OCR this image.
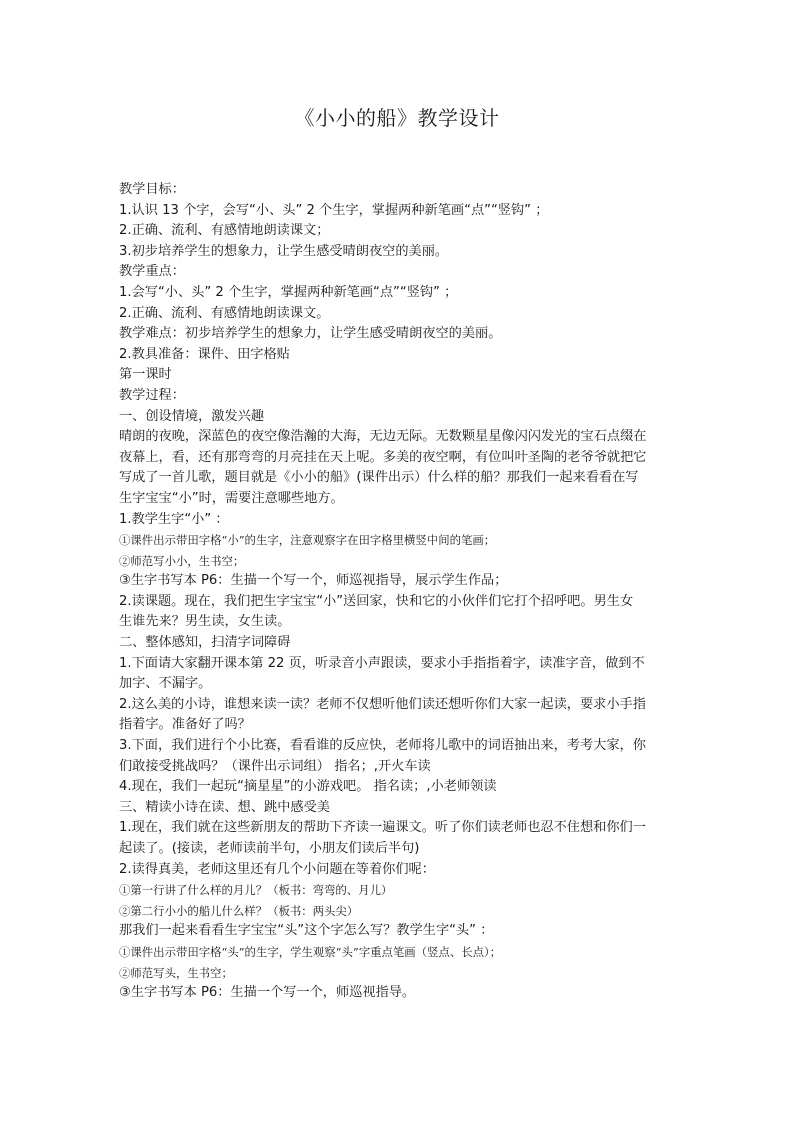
《小小的船》教学设计
教学目标：
1.认识 13 个字，会写“小、头” 2 个生字，掌握两种新笔画“点”“竖钩” ；
2.正确、流利、有感情地朗读课文；
3.初步培养学生的想象力，让学生感受晴朗夜空的美丽。
教学重点：
1.会写“小、头” 2 个生字，掌握两种新笔画“点”“竖钩” ；
2.正确、流利、有感情地朗读课文。
教学难点：初步培养学生的想象力，让学生感受晴朗夜空的美丽。
2.教具准备：课件、田字格贴
第一课时
教学过程：
一、创设情境，激发兴趣
晴朗的夜晚，深蓝色的夜空像浩瀚的大海，无边无际。无数颗星星像闪闪发光的宝石点缀在
夜幕上，看，还有那弯弯的月亮挂在天上呢。多美的夜空啊，有位叫叶圣陶的老爷爷就把它
写成了一首儿歌，题目就是《小小的船》(课件出示）什么样的船？那我们一起来看看在写
生字宝宝“小”时，需要注意哪些地方。
1.教学生字“小” ：
①课件出示带田字格“小”的生字，注意观察字在田字格里横竖中间的笔画；
②师范写小小，生书空；
③生字书写本 P6：生描一个写一个，师巡视指导，展示学生作品；
2.读课题。现在，我们把生字宝宝“小”送回家，快和它的小伙伴们它打个招呼吧。男生女
生谁先来？男生读，女生读。
二、整体感知，扫清字词障碍
1.下面请大家翻开课本第 22 页，听录音小声跟读，要求小手指指着字，读准字音，做到不
加字、不漏字。
2.这么美的小诗，谁想来读一读？老师不仅想听他们读还想听你们大家一起读，要求小手指
指着字。准备好了吗？
3.下面，我们进行个小比赛，看看谁的反应快，老师将儿歌中的词语抽出来，考考大家，你
们敢接受挑战吗？（课件出示词组） 指名；,开火车读
4.现在，我们一起玩“摘星星”的小游戏吧。 指名读；,小老师领读
三、精读小诗在读、想、跳中感受美
1.现在，我们就在这些新朋友的帮助下齐读一遍课文。听了你们读老师也忍不住想和你们一
起读了。(接读，老师读前半句，小朋友们读后半句)
2.读得真美，老师这里还有几个小问题在等着你们呢：
①第一行讲了什么样的月儿？（板书：弯弯的、月儿）
②第二行小小的船儿什么样？（板书：两头尖）
那我们一起来看看生字宝宝“头”这个字怎么写？教学生字“头” ：
①课件出示带田字格“头”的生字，学生观察“头”字重点笔画（竖点、长点）；
②师范写头，生书空；
③生字书写本 P6：生描一个写一个，师巡视指导。
